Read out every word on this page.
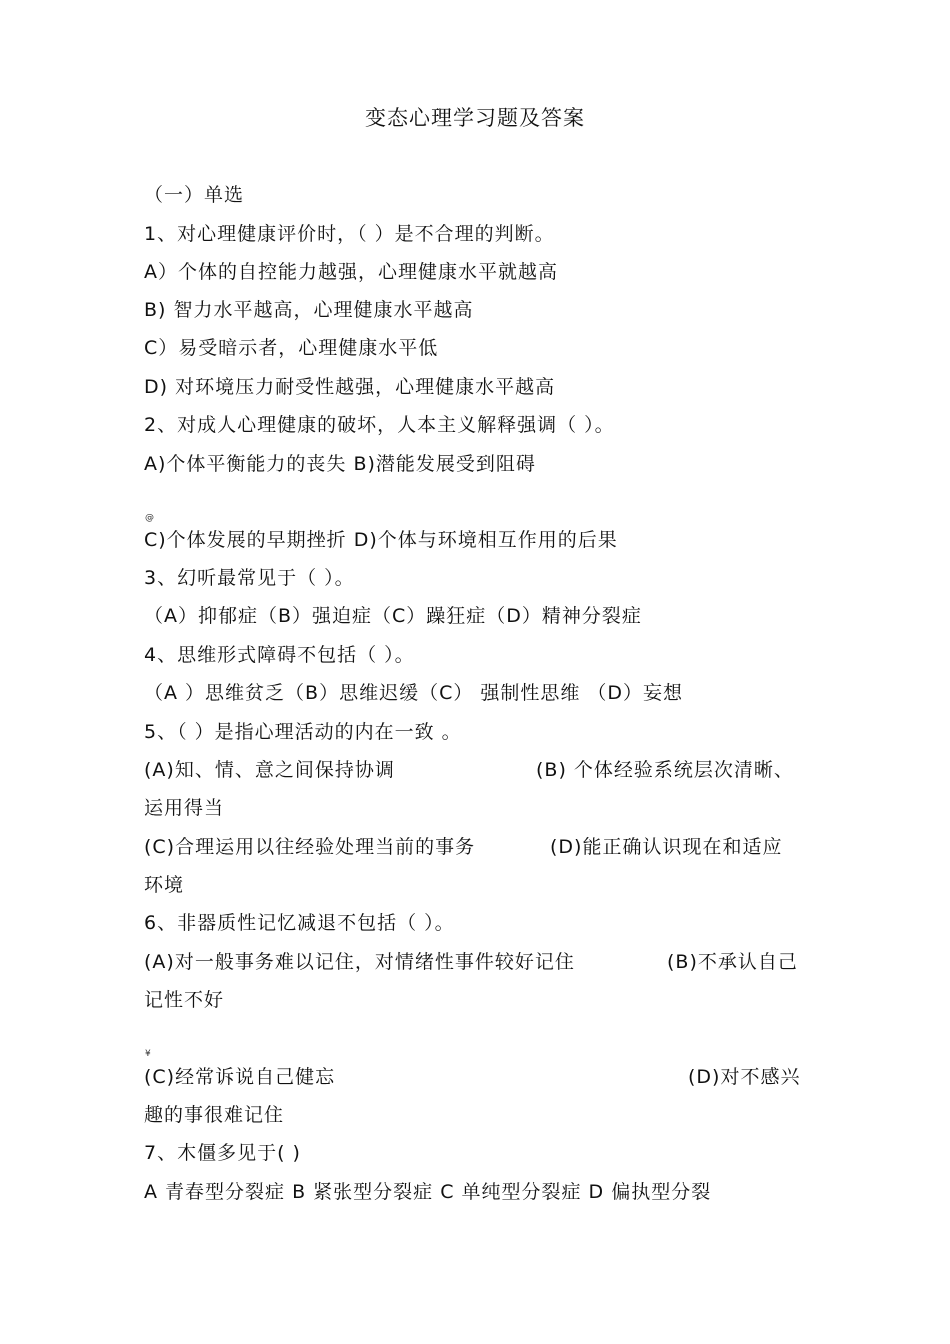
变态心理学习题及答案
（一）单选
1、对心理健康评价时，（ ）是不合理的判断。
A）个体的自控能力越强，心理健康水平就越高
B) 智力水平越高，心理健康水平越高
C）易受暗示者，心理健康水平低
D) 对环境压力耐受性越强，心理健康水平越高
2、对成人心理健康的破坏，人本主义解释强调（ ）。
A)个体平衡能力的丧失 B)潜能发展受到阻碍
@
C)个体发展的早期挫折 D)个体与环境相互作用的后果
3、幻听最常见于（ ）。
（A）抑郁症（B）强迫症（C）躁狂症（D）精神分裂症
4、思维形式障碍不包括（ ）。
（A ）思维贫乏（B）思维迟缓（C） 强制性思维 （D）妄想
5、（ ）是指心理活动的内在一致 。
(A)知、情、意之间保持协调	(B) 个体经验系统层次清晰、
运用得当
(C)合理运用以往经验处理当前的事务	(D)能正确认识现在和适应
环境
6、非器质性记忆减退不包括（ ）。
(A)对一般事务难以记住，对情绪性事件较好记住	(B)不承认自己
记性不好
¥
(C)经常诉说自己健忘	(D)对不感兴
趣的事很难记住
7、木僵多见于( )
A 青春型分裂症 B 紧张型分裂症 C 单纯型分裂症 D 偏执型分裂
